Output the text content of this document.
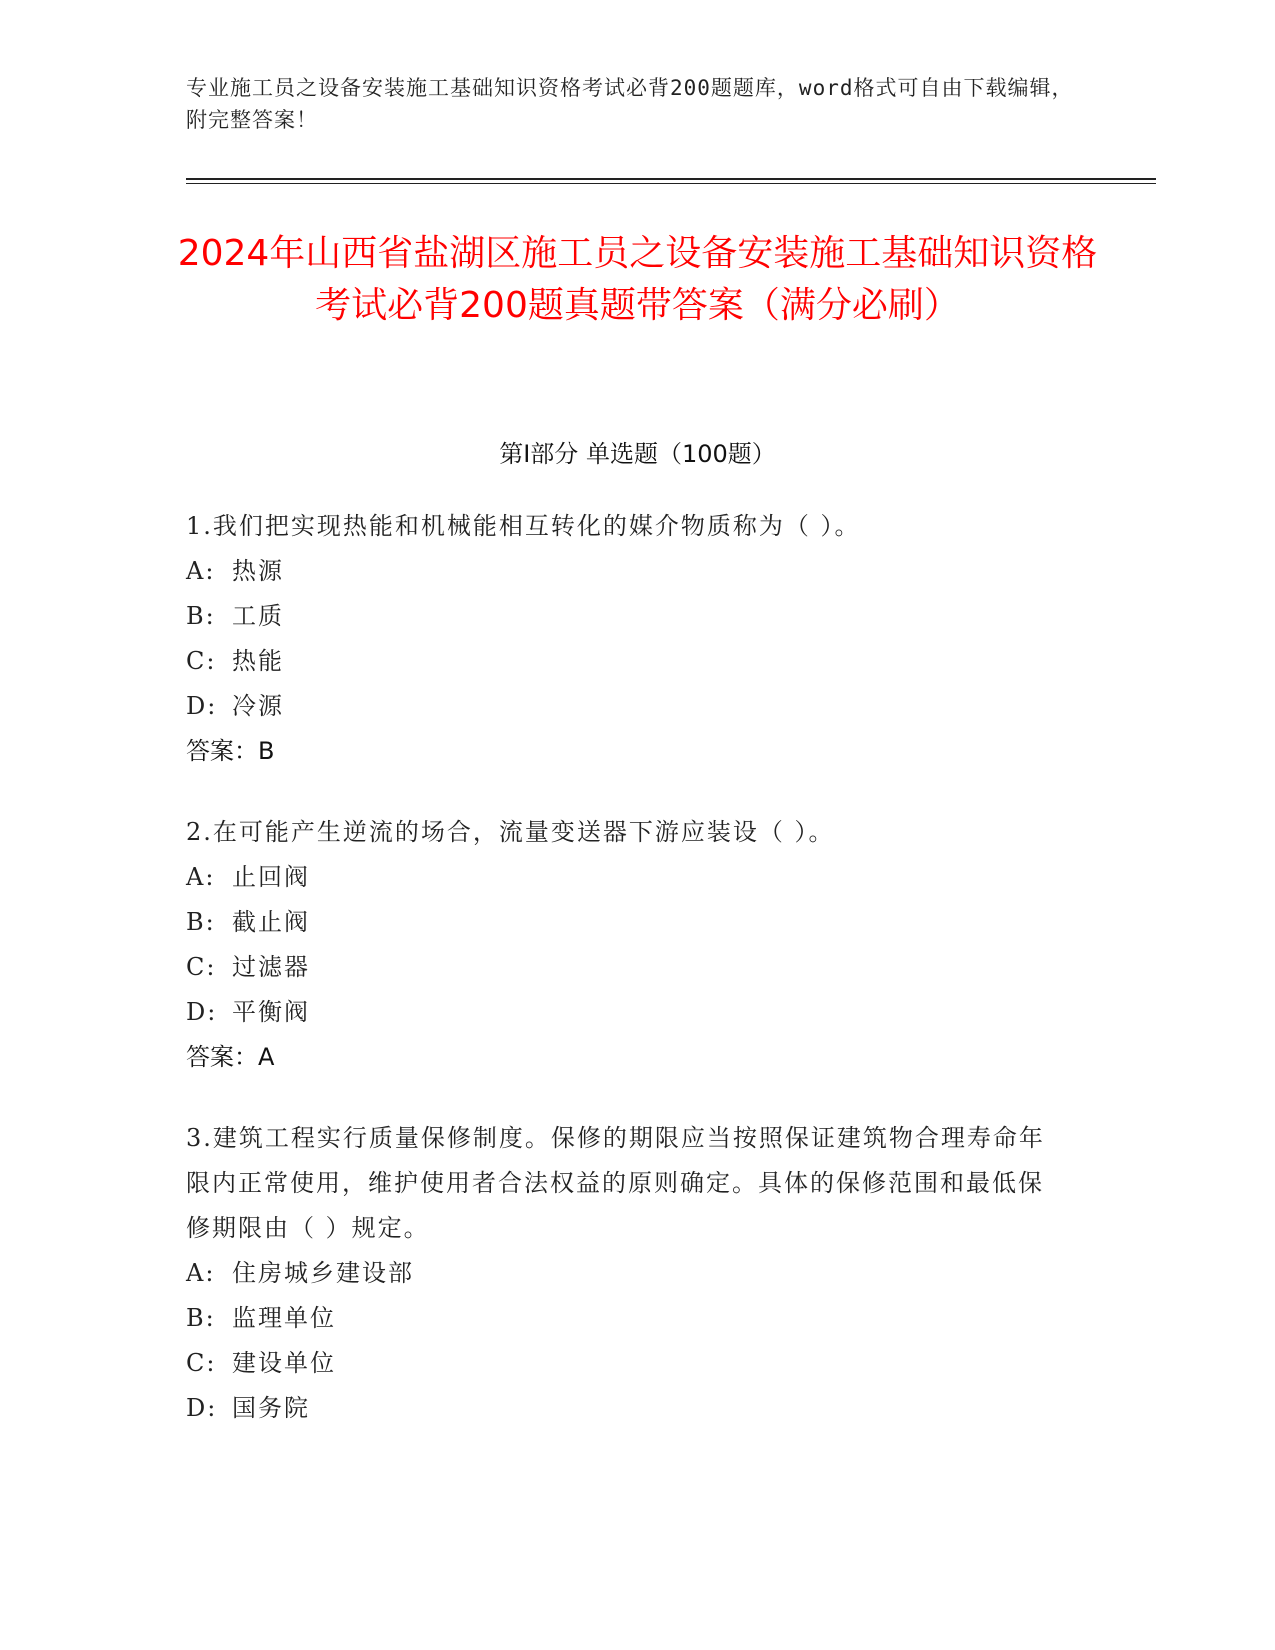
专业施工员之设备安装施工基础知识资格考试必背200题题库，word格式可自由下载编辑，附完整答案！
2024年山西省盐湖区施工员之设备安装施工基础知识资格考试必背200题真题带答案（满分必刷）
第Ⅰ部分 单选题（100题）
1.我们把实现热能和机械能相互转化的媒介物质称为（ ）。
A: 热源
B: 工质
C: 热能
D: 冷源
答案：B
2.在可能产生逆流的场合，流量变送器下游应装设（ ）。
A: 止回阀
B: 截止阀
C: 过滤器
D: 平衡阀
答案：A
3.建筑工程实行质量保修制度。保修的期限应当按照保证建筑物合理寿命年限内正常使用，维护使用者合法权益的原则确定。具体的保修范围和最低保修期限由（ ）规定。
A: 住房城乡建设部
B: 监理单位
C: 建设单位
D: 国务院
